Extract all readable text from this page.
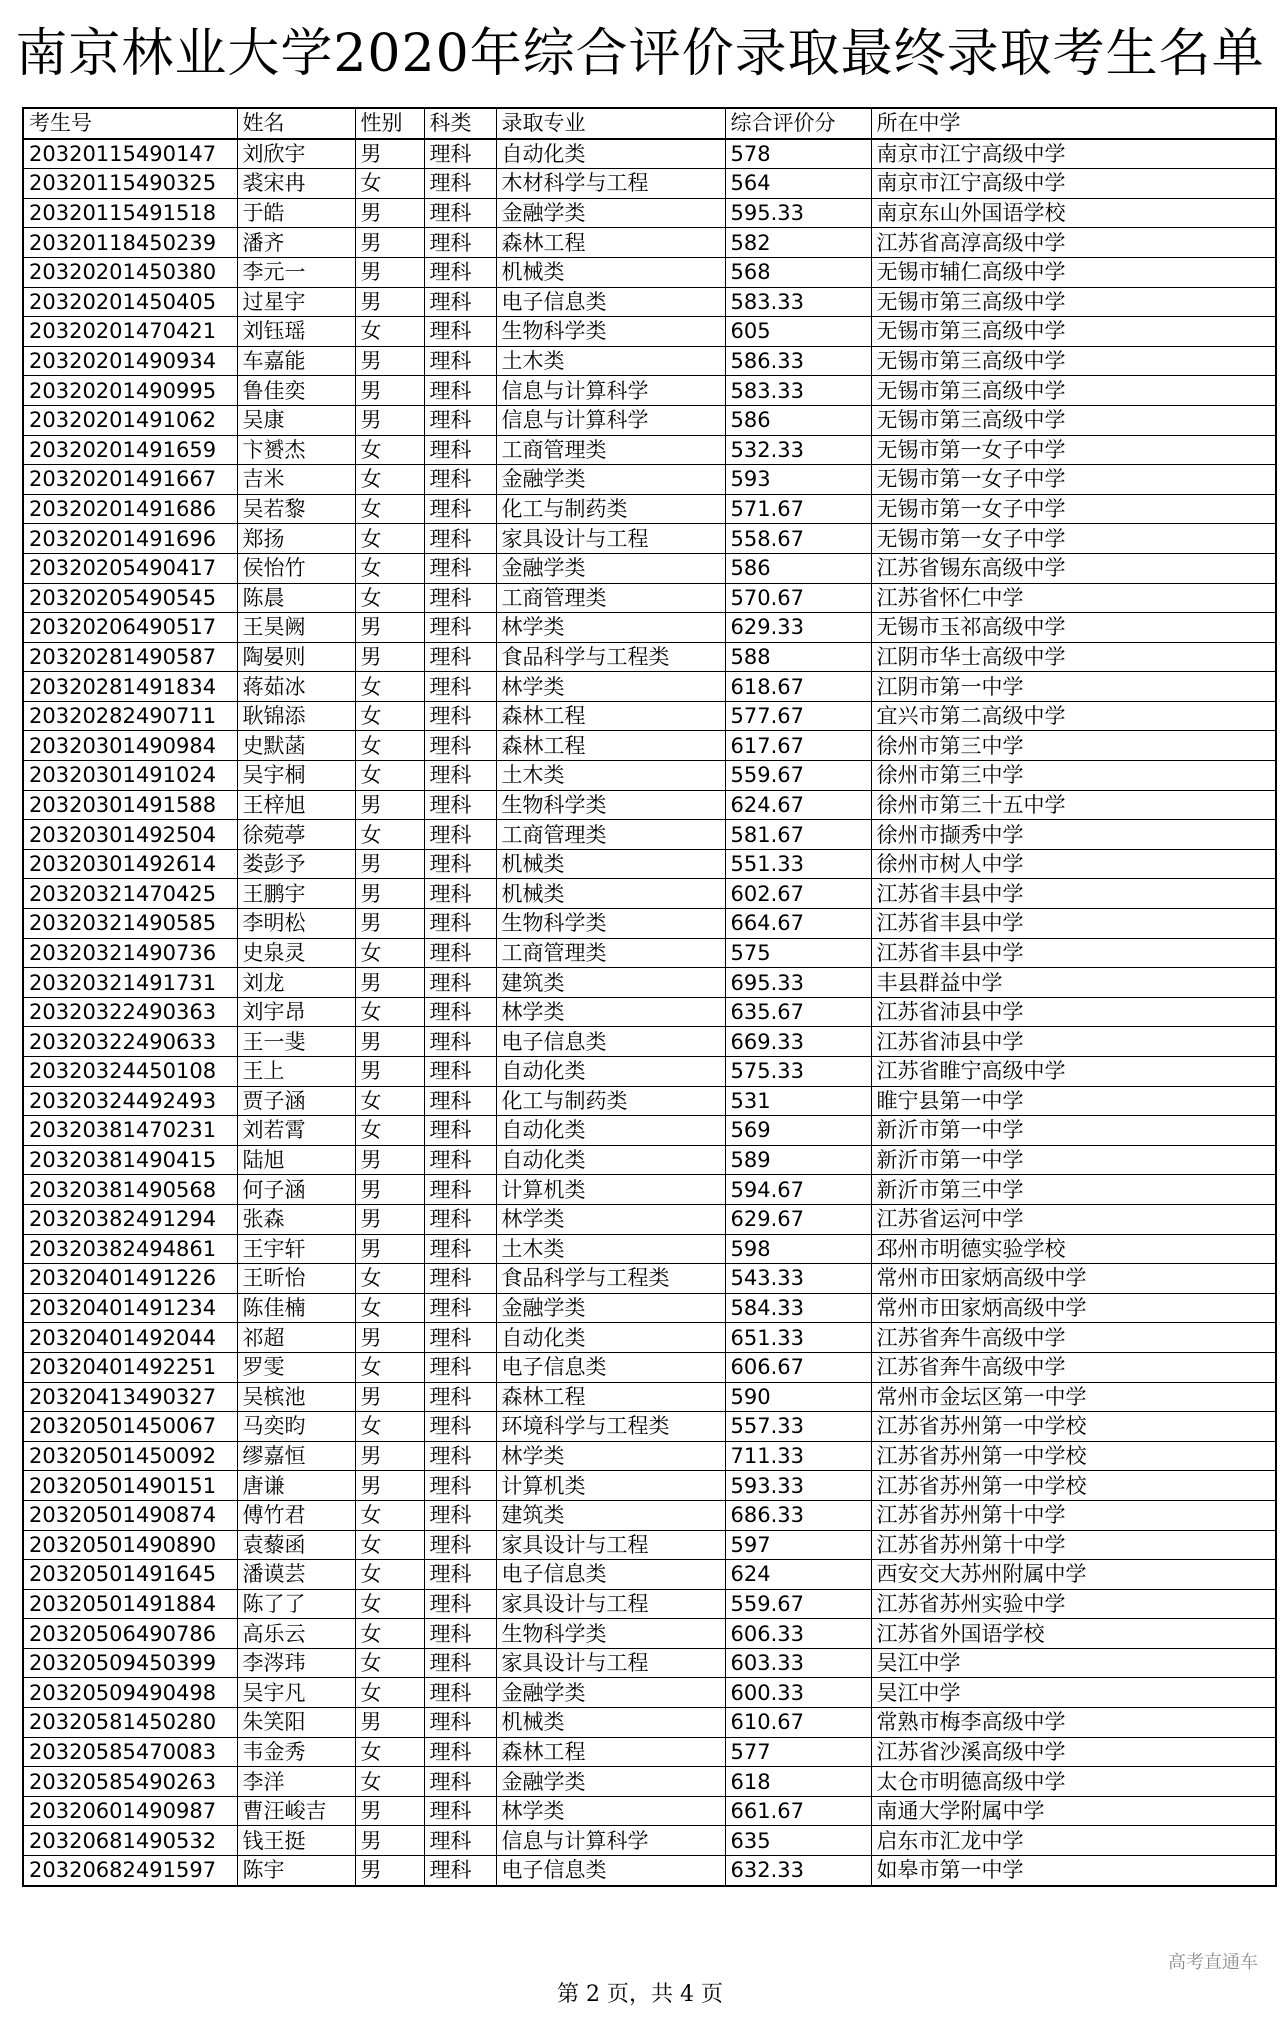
南京林业大学2020年综合评价录取最终录取考生名单
考生号	姓名	性别	科类	录取专业	综合评价分	所在中学
20320115490147	刘欣宇	男	理科	自动化类	578	南京市江宁高级中学
20320115490325	裘宋冉	女	理科	木材科学与工程	564	南京市江宁高级中学
20320115491518	于皓	男	理科	金融学类	595.33	南京东山外国语学校
20320118450239	潘齐	男	理科	森林工程	582	江苏省高淳高级中学
20320201450380	李元一	男	理科	机械类	568	无锡市辅仁高级中学
20320201450405	过星宇	男	理科	电子信息类	583.33	无锡市第三高级中学
20320201470421	刘钰瑶	女	理科	生物科学类	605	无锡市第三高级中学
20320201490934	车嘉能	男	理科	土木类	586.33	无锡市第三高级中学
20320201490995	鲁佳奕	男	理科	信息与计算科学	583.33	无锡市第三高级中学
20320201491062	吴康	男	理科	信息与计算科学	586	无锡市第三高级中学
20320201491659	卞赟杰	女	理科	工商管理类	532.33	无锡市第一女子中学
20320201491667	吉米	女	理科	金融学类	593	无锡市第一女子中学
20320201491686	吴若黎	女	理科	化工与制药类	571.67	无锡市第一女子中学
20320201491696	郑扬	女	理科	家具设计与工程	558.67	无锡市第一女子中学
20320205490417	侯怡竹	女	理科	金融学类	586	江苏省锡东高级中学
20320205490545	陈晨	女	理科	工商管理类	570.67	江苏省怀仁中学
20320206490517	王昊阙	男	理科	林学类	629.33	无锡市玉祁高级中学
20320281490587	陶晏则	男	理科	食品科学与工程类	588	江阴市华士高级中学
20320281491834	蒋茹冰	女	理科	林学类	618.67	江阴市第一中学
20320282490711	耿锦添	女	理科	森林工程	577.67	宜兴市第二高级中学
20320301490984	史默菡	女	理科	森林工程	617.67	徐州市第三中学
20320301491024	吴宇桐	女	理科	土木类	559.67	徐州市第三中学
20320301491588	王梓旭	男	理科	生物科学类	624.67	徐州市第三十五中学
20320301492504	徐菀葶	女	理科	工商管理类	581.67	徐州市撷秀中学
20320301492614	娄彭予	男	理科	机械类	551.33	徐州市树人中学
20320321470425	王鹏宇	男	理科	机械类	602.67	江苏省丰县中学
20320321490585	李明松	男	理科	生物科学类	664.67	江苏省丰县中学
20320321490736	史泉灵	女	理科	工商管理类	575	江苏省丰县中学
20320321491731	刘龙	男	理科	建筑类	695.33	丰县群益中学
20320322490363	刘宇昂	女	理科	林学类	635.67	江苏省沛县中学
20320322490633	王一斐	男	理科	电子信息类	669.33	江苏省沛县中学
20320324450108	王上	男	理科	自动化类	575.33	江苏省睢宁高级中学
20320324492493	贾子涵	女	理科	化工与制药类	531	睢宁县第一中学
20320381470231	刘若霄	女	理科	自动化类	569	新沂市第一中学
20320381490415	陆旭	男	理科	自动化类	589	新沂市第一中学
20320381490568	何子涵	男	理科	计算机类	594.67	新沂市第三中学
20320382491294	张森	男	理科	林学类	629.67	江苏省运河中学
20320382494861	王宇轩	男	理科	土木类	598	邳州市明德实验学校
20320401491226	王昕怡	女	理科	食品科学与工程类	543.33	常州市田家炳高级中学
20320401491234	陈佳楠	女	理科	金融学类	584.33	常州市田家炳高级中学
20320401492044	祁超	男	理科	自动化类	651.33	江苏省奔牛高级中学
20320401492251	罗雯	女	理科	电子信息类	606.67	江苏省奔牛高级中学
20320413490327	吴槟池	男	理科	森林工程	590	常州市金坛区第一中学
20320501450067	马奕昀	女	理科	环境科学与工程类	557.33	江苏省苏州第一中学校
20320501450092	缪嘉恒	男	理科	林学类	711.33	江苏省苏州第一中学校
20320501490151	唐谦	男	理科	计算机类	593.33	江苏省苏州第一中学校
20320501490874	傅竹君	女	理科	建筑类	686.33	江苏省苏州第十中学
20320501490890	袁藜函	女	理科	家具设计与工程	597	江苏省苏州第十中学
20320501491645	潘谟芸	女	理科	电子信息类	624	西安交大苏州附属中学
20320501491884	陈了了	女	理科	家具设计与工程	559.67	江苏省苏州实验中学
20320506490786	高乐云	女	理科	生物科学类	606.33	江苏省外国语学校
20320509450399	李涔玮	女	理科	家具设计与工程	603.33	吴江中学
20320509490498	吴宇凡	女	理科	金融学类	600.33	吴江中学
20320581450280	朱笑阳	男	理科	机械类	610.67	常熟市梅李高级中学
20320585470083	韦金秀	女	理科	森林工程	577	江苏省沙溪高级中学
20320585490263	李洋	女	理科	金融学类	618	太仓市明德高级中学
20320601490987	曹汪峻吉	男	理科	林学类	661.67	南通大学附属中学
20320681490532	钱王挺	男	理科	信息与计算科学	635	启东市汇龙中学
20320682491597	陈宇	男	理科	电子信息类	632.33	如皋市第一中学
高考直通车
第 2 页，共 4 页
